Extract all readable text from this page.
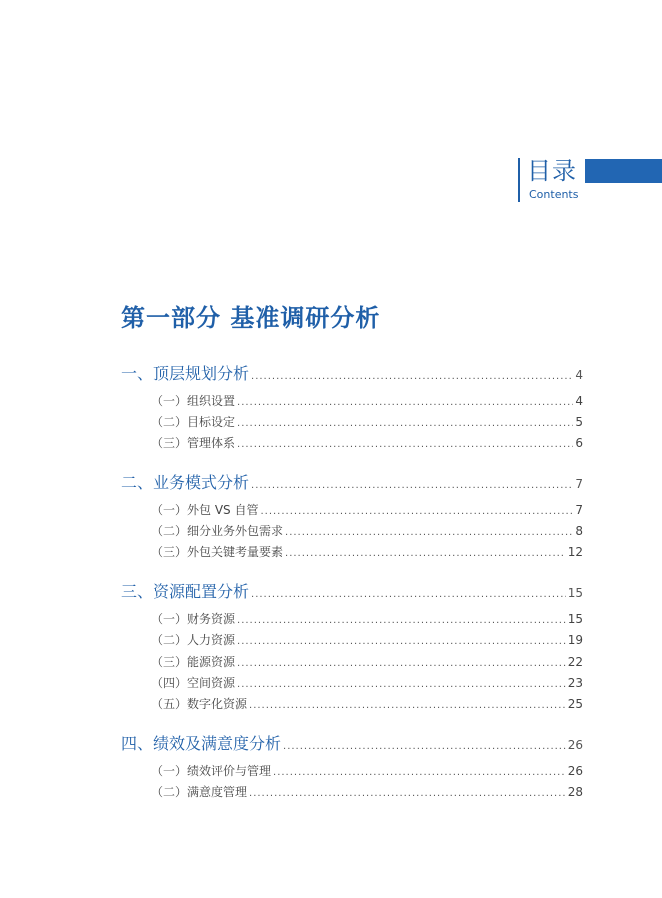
目录
Contents
第一部分 基准调研分析
一、顶层规划分析 .....	4
（一）组织设置 .....	4
（二）目标设定 .....	5
（三）管理体系 .....	6
二、业务模式分析 .....	7
（一）外包 VS 自管 .....	7
（二）细分业务外包需求 .....	8
（三）外包关键考量要素 .....	12
三、资源配置分析 .....	15
（一）财务资源 .....	15
（二）人力资源 .....	19
（三）能源资源 .....	22
（四）空间资源 .....	23
（五）数字化资源 .....	25
四、绩效及满意度分析 .....	26
（一）绩效评价与管理 .....	26
（二）满意度管理 .....	28
